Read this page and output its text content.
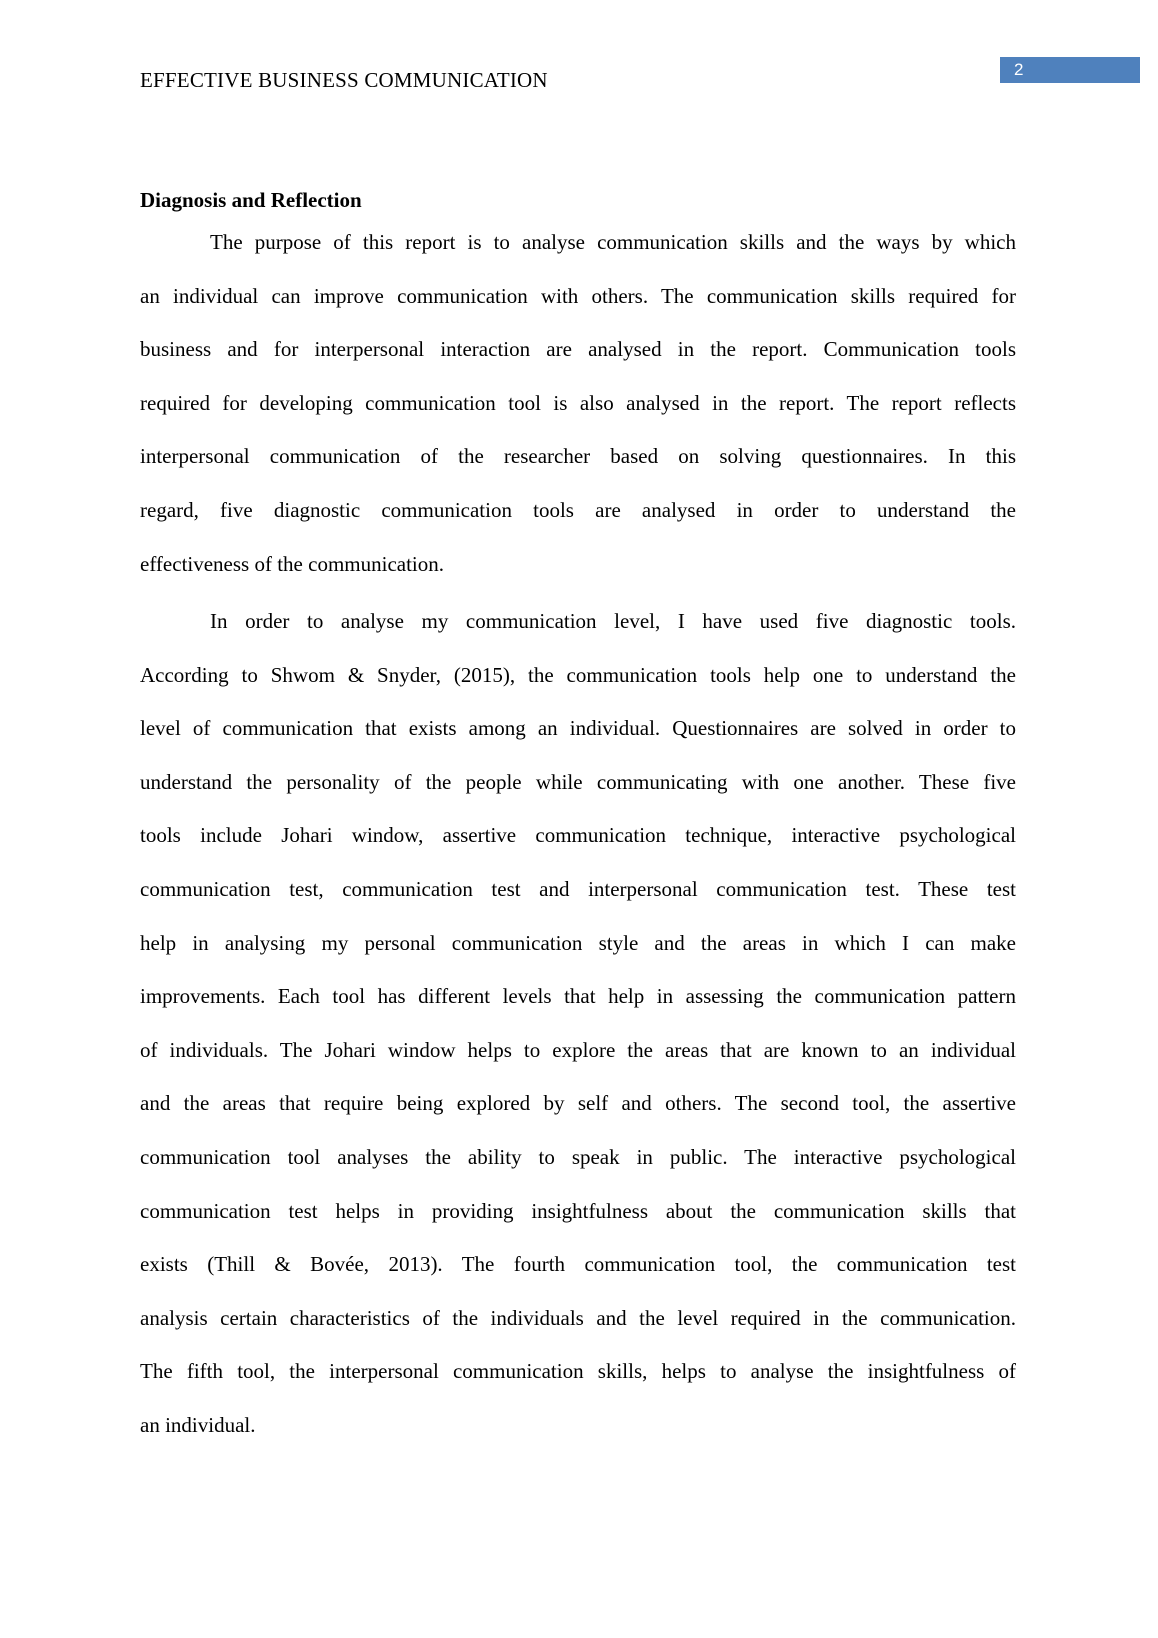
EFFECTIVE BUSINESS COMMUNICATION	2
Diagnosis and Reflection
The purpose of this report is to analyse communication skills and the ways by which
an individual can improve communication with others. The communication skills required for
business and for interpersonal interaction are analysed in the report. Communication tools
required for developing communication tool is also analysed in the report. The report reflects
interpersonal communication of the researcher based on solving questionnaires. In this
regard, five diagnostic communication tools are analysed in order to understand the
effectiveness of the communication.
In order to analyse my communication level, I have used five diagnostic tools.
According to Shwom & Snyder, (2015), the communication tools help one to understand the
level of communication that exists among an individual. Questionnaires are solved in order to
understand the personality of the people while communicating with one another. These five
tools include Johari window, assertive communication technique, interactive psychological
communication test, communication test and interpersonal communication test. These test
help in analysing my personal communication style and the areas in which I can make
improvements. Each tool has different levels that help in assessing the communication pattern
of individuals. The Johari window helps to explore the areas that are known to an individual
and the areas that require being explored by self and others. The second tool, the assertive
communication tool analyses the ability to speak in public. The interactive psychological
communication test helps in providing insightfulness about the communication skills that
exists (Thill & Bovée, 2013). The fourth communication tool, the communication test
analysis certain characteristics of the individuals and the level required in the communication.
The fifth tool, the interpersonal communication skills, helps to analyse the insightfulness of
an individual.
